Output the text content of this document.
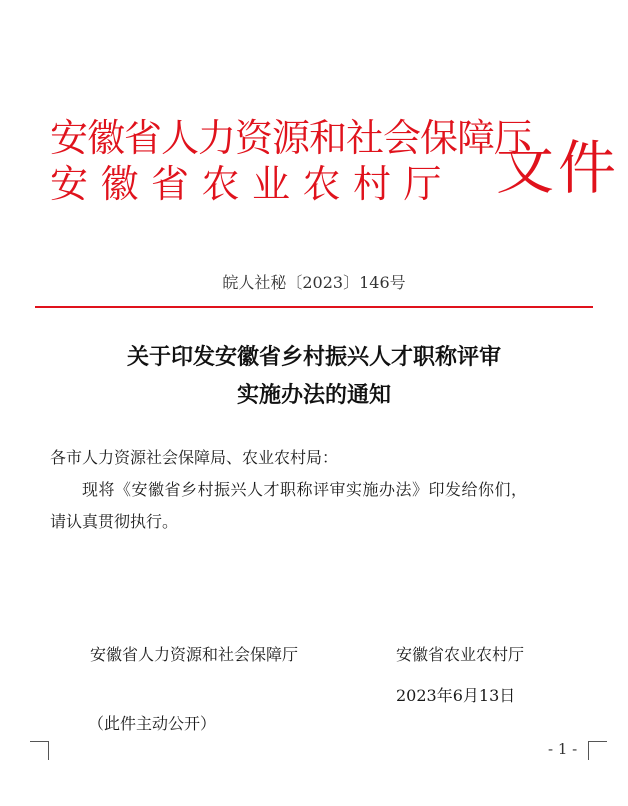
安徽省人力资源和社会保障厅
安徽省农业农村厅 文件
皖人社秘〔2023〕146号
关于印发安徽省乡村振兴人才职称评审
实施办法的通知
各市人力资源社会保障局、农业农村局：
现将《安徽省乡村振兴人才职称评审实施办法》印发给你们，
请认真贯彻执行。
安徽省人力资源和社会保障厅	安徽省农业农村厅
2023年6月13日
（此件主动公开）
- 1 -
